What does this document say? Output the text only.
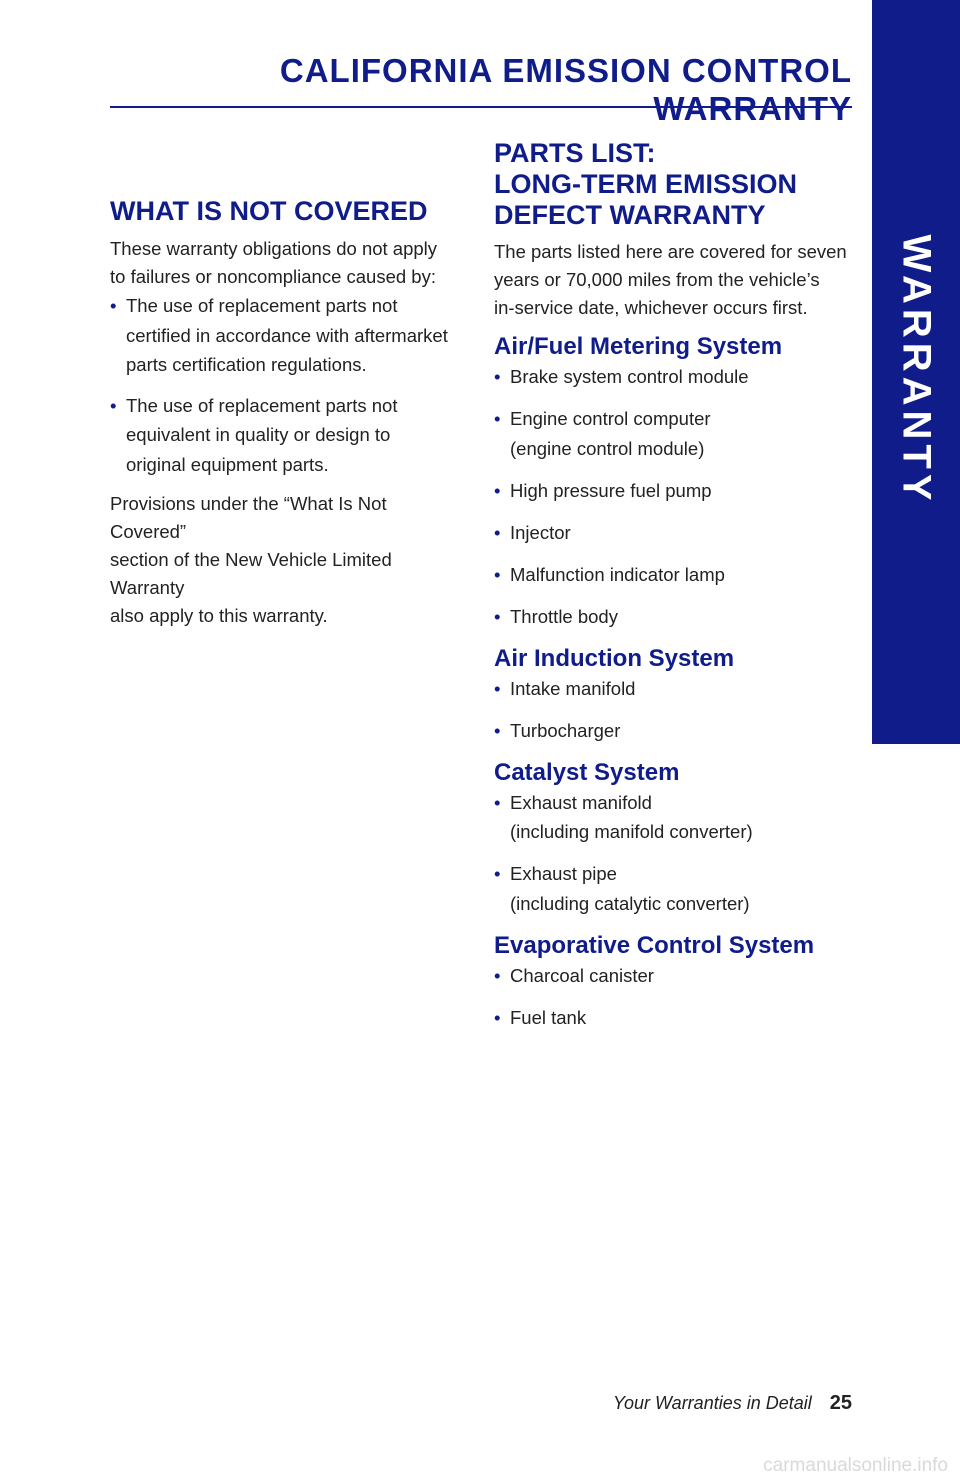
WARRANTY
CALIFORNIA EMISSION CONTROL WARRANTY
WHAT IS NOT COVERED

These warranty obligations do not apply
to failures or noncompliance caused by:

• The use of replacement parts not
certified in accordance with aftermarket
parts certification regulations.
• The use of replacement parts not
equivalent in quality or design to
original equipment parts.

Provisions under the “What Is Not Covered”
section of the New Vehicle Limited Warranty
also apply to this warranty.

PARTS LIST:
LONG-TERM EMISSION
DEFECT WARRANTY

The parts listed here are covered for seven
years or 70,000 miles from the vehicle’s
in-service date, whichever occurs first.

Air/Fuel Metering System
• Brake system control module
• Engine control computer
(engine control module)
• High pressure fuel pump
• Injector
• Malfunction indicator lamp
• Throttle body
Air Induction System
• Intake manifold
• Turbocharger
Catalyst System
• Exhaust manifold
(including manifold converter)
• Exhaust pipe
(including catalytic converter)
Evaporative Control System
• Charcoal canister
• Fuel tank
Your Warranties in Detail 25
carmanualsonline.info
